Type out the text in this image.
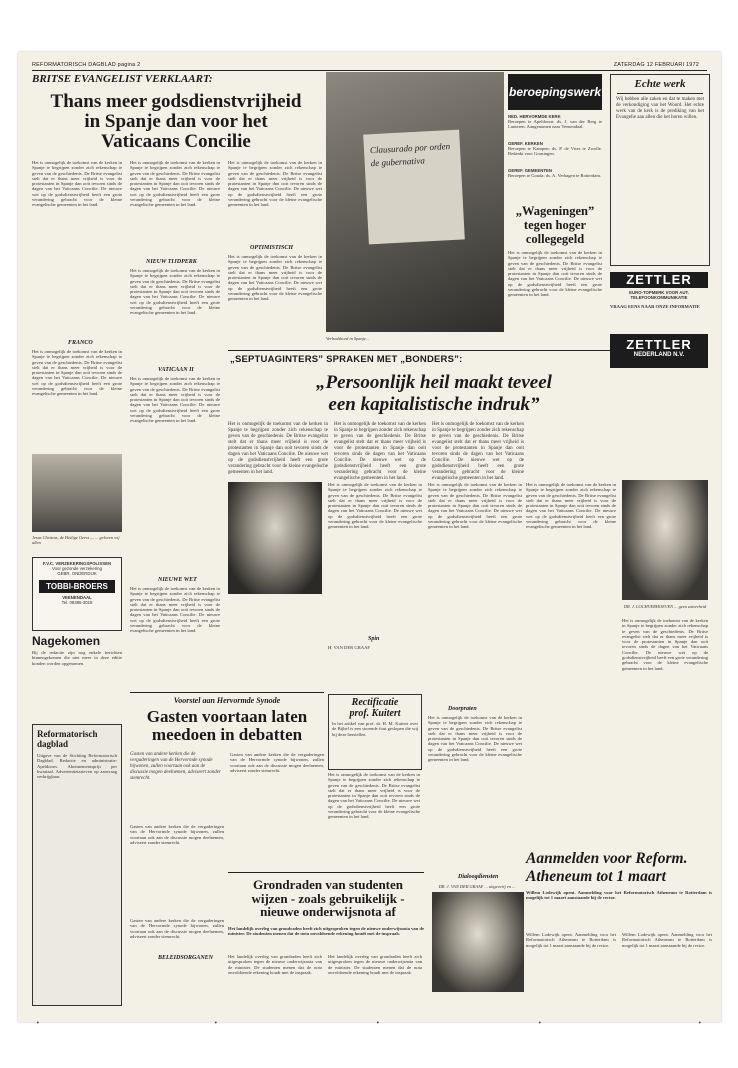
REFORMATORISCH DAGBLAD pagina 2	ZATERDAG 12 FEBRUARI 1972
BRITSE EVANGELIST VERKLAART:
Thans meer godsdienstvrijheid
in Spanje dan voor het
Vaticaans Concilie
Het is onmogelijk de toekomst van de kerken in Spanje te begrijpen zonder zich rekenschap te geven van de geschiedenis. De Britse evangelist stelt dat er thans meer vrijheid is voor de protestanten in Spanje dan ooit tevoren sinds de dagen van het Vaticaans Concilie. De nieuwe wet op de godsdienstvrijheid heeft een grote verandering gebracht voor de kleine evangelische gemeenten in het land.
FRANCO
Het is onmogelijk de toekomst van de kerken in Spanje te begrijpen zonder zich rekenschap te geven van de geschiedenis. De Britse evangelist stelt dat er thans meer vrijheid is voor de protestanten in Spanje dan ooit tevoren sinds de dagen van het Vaticaans Concilie. De nieuwe wet op de godsdienstvrijheid heeft een grote verandering gebracht voor de kleine evangelische gemeenten in het land.
Het is onmogelijk de toekomst van de kerken in Spanje te begrijpen zonder zich rekenschap te geven van de geschiedenis. De Britse evangelist stelt dat er thans meer vrijheid is voor de protestanten in Spanje dan ooit tevoren sinds de dagen van het Vaticaans Concilie. De nieuwe wet op de godsdienstvrijheid heeft een grote verandering gebracht voor de kleine evangelische gemeenten in het land.
NIEUW TIJDPERK
Het is onmogelijk de toekomst van de kerken in Spanje te begrijpen zonder zich rekenschap te geven van de geschiedenis. De Britse evangelist stelt dat er thans meer vrijheid is voor de protestanten in Spanje dan ooit tevoren sinds de dagen van het Vaticaans Concilie. De nieuwe wet op de godsdienstvrijheid heeft een grote verandering gebracht voor de kleine evangelische gemeenten in het land.
VATICAAN II
Het is onmogelijk de toekomst van de kerken in Spanje te begrijpen zonder zich rekenschap te geven van de geschiedenis. De Britse evangelist stelt dat er thans meer vrijheid is voor de protestanten in Spanje dan ooit tevoren sinds de dagen van het Vaticaans Concilie. De nieuwe wet op de godsdienstvrijheid heeft een grote verandering gebracht voor de kleine evangelische gemeenten in het land.
NIEUWE WET
Het is onmogelijk de toekomst van de kerken in Spanje te begrijpen zonder zich rekenschap te geven van de geschiedenis. De Britse evangelist stelt dat er thans meer vrijheid is voor de protestanten in Spanje dan ooit tevoren sinds de dagen van het Vaticaans Concilie. De nieuwe wet op de godsdienstvrijheid heeft een grote verandering gebracht voor de kleine evangelische gemeenten in het land.
Het is onmogelijk de toekomst van de kerken in Spanje te begrijpen zonder zich rekenschap te geven van de geschiedenis. De Britse evangelist stelt dat er thans meer vrijheid is voor de protestanten in Spanje dan ooit tevoren sinds de dagen van het Vaticaans Concilie. De nieuwe wet op de godsdienstvrijheid heeft een grote verandering gebracht voor de kleine evangelische gemeenten in het land.
OPTIMISTISCH
Het is onmogelijk de toekomst van de kerken in Spanje te begrijpen zonder zich rekenschap te geven van de geschiedenis. De Britse evangelist stelt dat er thans meer vrijheid is voor de protestanten in Spanje dan ooit tevoren sinds de dagen van het Vaticaans Concilie. De nieuwe wet op de godsdienstvrijheid heeft een grote verandering gebracht voor de kleine evangelische gemeenten in het land.
Jesus Christus, de Heilige Geest — ... geloven wij allen
F.V.C. VERZEKERINGSPOLISSEN
Voor gezonde verzekering
GEBR. ONDERDIJK
TOBBI-BROERS
VEENENDAAL
Tel. 08385-3019
Nagekomen
Bij de redactie zijn nog enkele berichten binnengekomen die niet meer in deze editie konden worden opgenomen.
Reformatorisch dagblad
Uitgave van de Stichting Reformatorisch Dagblad. Redactie en administratie: Apeldoorn. Abonnementsprijs per kwartaal. Advertentietarieven op aanvraag verkrijgbaar.
Clausurado por orden de gubernativa
Verbodsbord in Spanje...
„SEPTUAGINTERS” SPRAKEN MET „BONDERS”:
„Persoonlijk heil maakt teveel
een kapitalistische indruk”
Het is onmogelijk de toekomst van de kerken in Spanje te begrijpen zonder zich rekenschap te geven van de geschiedenis. De Britse evangelist stelt dat er thans meer vrijheid is voor de protestanten in Spanje dan ooit tevoren sinds de dagen van het Vaticaans Concilie. De nieuwe wet op de godsdienstvrijheid heeft een grote verandering gebracht voor de kleine evangelische gemeenten in het land.
Het is onmogelijk de toekomst van de kerken in Spanje te begrijpen zonder zich rekenschap te geven van de geschiedenis. De Britse evangelist stelt dat er thans meer vrijheid is voor de protestanten in Spanje dan ooit tevoren sinds de dagen van het Vaticaans Concilie. De nieuwe wet op de godsdienstvrijheid heeft een grote verandering gebracht voor de kleine evangelische gemeenten in het land.
Het is onmogelijk de toekomst van de kerken in Spanje te begrijpen zonder zich rekenschap te geven van de geschiedenis. De Britse evangelist stelt dat er thans meer vrijheid is voor de protestanten in Spanje dan ooit tevoren sinds de dagen van het Vaticaans Concilie. De nieuwe wet op de godsdienstvrijheid heeft een grote verandering gebracht voor de kleine evangelische gemeenten in het land.
Het is onmogelijk de toekomst van de kerken in Spanje te begrijpen zonder zich rekenschap te geven van de geschiedenis. De Britse evangelist stelt dat er thans meer vrijheid is voor de protestanten in Spanje dan ooit tevoren sinds de dagen van het Vaticaans Concilie. De nieuwe wet op de godsdienstvrijheid heeft een grote verandering gebracht voor de kleine evangelische gemeenten in het land.
Spin
H. VAN DER GRAAF
Het is onmogelijk de toekomst van de kerken in Spanje te begrijpen zonder zich rekenschap te geven van de geschiedenis. De Britse evangelist stelt dat er thans meer vrijheid is voor de protestanten in Spanje dan ooit tevoren sinds de dagen van het Vaticaans Concilie. De nieuwe wet op de godsdienstvrijheid heeft een grote verandering gebracht voor de kleine evangelische gemeenten in het land.
Doorpraten
Het is onmogelijk de toekomst van de kerken in Spanje te begrijpen zonder zich rekenschap te geven van de geschiedenis. De Britse evangelist stelt dat er thans meer vrijheid is voor de protestanten in Spanje dan ooit tevoren sinds de dagen van het Vaticaans Concilie. De nieuwe wet op de godsdienstvrijheid heeft een grote verandering gebracht voor de kleine evangelische gemeenten in het land.
Dialoogdiensten
Het is onmogelijk de toekomst van de kerken in Spanje te begrijpen zonder zich rekenschap te geven van de geschiedenis. De Britse evangelist stelt dat er thans meer vrijheid is voor de protestanten in Spanje dan ooit tevoren sinds de dagen van het Vaticaans Concilie. De nieuwe wet op de godsdienstvrijheid heeft een grote verandering gebracht voor de kleine evangelische gemeenten in het land.
Voorstel aan Hervormde Synode
Gasten voortaan laten
meedoen in debatten
Gasten van andere kerken die de vergaderingen van de Hervormde synode bijwonen, zullen voortaan ook aan de discussie mogen deelnemen, adviseert zonder stemrecht.
Gasten van andere kerken die de vergaderingen van de Hervormde synode bijwonen, zullen voortaan ook aan de discussie mogen deelnemen, adviseert zonder stemrecht.
Gasten van andere kerken die de vergaderingen van de Hervormde synode bijwonen, zullen voortaan ook aan de discussie mogen deelnemen, adviseert zonder stemrecht.
Rectificatie
prof. Kuitert
In het artikel van prof. dr. H. M. Kuitert over de Bijbel is een storende fout geslopen die wij bij deze herstellen.
Het is onmogelijk de toekomst van de kerken in Spanje te begrijpen zonder zich rekenschap te geven van de geschiedenis. De Britse evangelist stelt dat er thans meer vrijheid is voor de protestanten in Spanje dan ooit tevoren sinds de dagen van het Vaticaans Concilie. De nieuwe wet op de godsdienstvrijheid heeft een grote verandering gebracht voor de kleine evangelische gemeenten in het land.
Grondraden van studenten
wijzen - zoals gebruikelijk -
nieuwe onderwijsnota af
Het landelijk overleg van grondraden heeft zich uitgesproken tegen de nieuwe onderwijsnota van de minister. De studenten menen dat de nota onvoldoende rekening houdt met de inspraak.
Het landelijk overleg van grondraden heeft zich uitgesproken tegen de nieuwe onderwijsnota van de minister. De studenten menen dat de nota onvoldoende rekening houdt met de inspraak.
Het landelijk overleg van grondraden heeft zich uitgesproken tegen de nieuwe onderwijsnota van de minister. De studenten menen dat de nota onvoldoende rekening houdt met de inspraak.
Gasten van andere kerken die de vergaderingen van de Hervormde synode bijwonen, zullen voortaan ook aan de discussie mogen deelnemen, adviseert zonder stemrecht.
BELEIDSORGANEN
DR. J. VAN DER GRAAF ... uitgeverij en ...
beroepingswerk
NED. HERVORMDE KERK
Beroepen te Apeldoorn: ds. J. van der Berg te Lunteren. Aangenomen naar Veenendaal.
GEREF. KERKEN
Beroepen te Kampen: ds. P. de Vries te Zwolle. Bedankt voor Groningen.
GEREF. GEMEENTEN
Beroepen te Gouda: ds. A. Verhagen te Rotterdam.
„Wageningen”
tegen hoger
collegegeld
Het is onmogelijk de toekomst van de kerken in Spanje te begrijpen zonder zich rekenschap te geven van de geschiedenis. De Britse evangelist stelt dat er thans meer vrijheid is voor de protestanten in Spanje dan ooit tevoren sinds de dagen van het Vaticaans Concilie. De nieuwe wet op de godsdienstvrijheid heeft een grote verandering gebracht voor de kleine evangelische gemeenten in het land.
Echte werk
Wij hebben alle zaken en dat te maken met de verkondiging van het Woord. Het echte werk van de kerk is de prediking van het Evangelie aan allen die het horen willen.
ZETTLER
EURO-TOPMERK VOOR AUT. TELEFOONKOMMUNIKATIE
VRAAG EENS NAAR ONZE INFORMATIE
ZETTLER
NEDERLAND N.V.
DR. J. LOCHVERHOEVEN ... geen zuiverheid
Het is onmogelijk de toekomst van de kerken in Spanje te begrijpen zonder zich rekenschap te geven van de geschiedenis. De Britse evangelist stelt dat er thans meer vrijheid is voor de protestanten in Spanje dan ooit tevoren sinds de dagen van het Vaticaans Concilie. De nieuwe wet op de godsdienstvrijheid heeft een grote verandering gebracht voor de kleine evangelische gemeenten in het land.
Aanmelden voor Reform.
Atheneum tot 1 maart
Willem Lodewijk opent. Aanmelding voor het Reformatorisch Atheneum te Rotterdam is mogelijk tot 1 maart aanstaande bij de rector.
Willem Lodewijk opent. Aanmelding voor het Reformatorisch Atheneum te Rotterdam is mogelijk tot 1 maart aanstaande bij de rector.
Willem Lodewijk opent. Aanmelding voor het Reformatorisch Atheneum te Rotterdam is mogelijk tot 1 maart aanstaande bij de rector.
•	•	•	•	•
